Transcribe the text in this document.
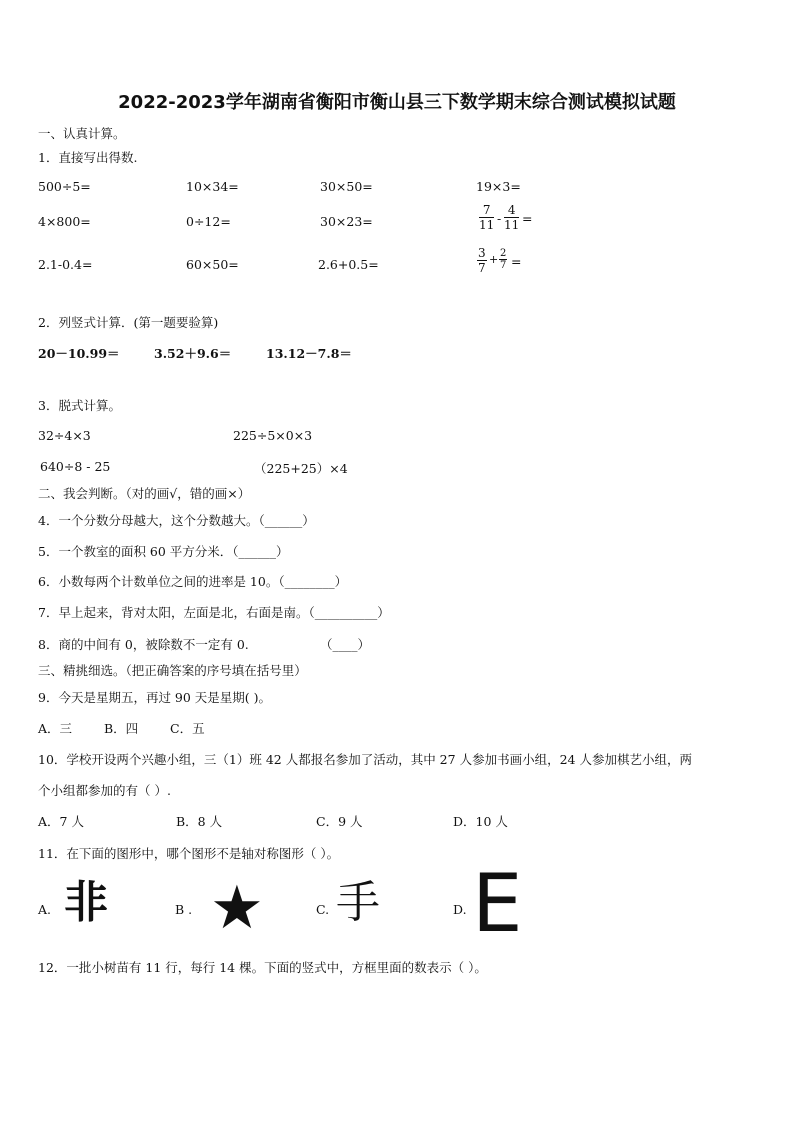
2022-2023学年湖南省衡阳市衡山县三下数学期末综合测试模拟试题
一、认真计算。
1．直接写出得数.
500÷5=	10×34=	30×50=	19×3=
4×800=	0÷12=	30×23=	$\frac{7}{11} - \frac{4}{11}$ =
2.1-0.4=	60×50=	2.6+0.5=	$\frac{3}{7} + \frac{2}{7}$ =
2．列竖式计算．(第一题要验算)
20－10.99＝	3.52＋9.6＝	13.12－7.8＝
3．脱式计算。
32÷4×3	225÷5×0×3
640÷8 - 25	（225+25）×4
二、我会判断。（对的画√，错的画×）
4．一个分数分母越大，这个分数越大。（______）
5．一个教室的面积 60 平方分米．（______）
6．小数每两个计数单位之间的进率是 10。（________）
7．早上起来，背对太阳，左面是北，右面是南。（__________）
8．商的中间有 0，被除数不一定有 0.	（____）
三、精挑细选。（把正确答案的序号填在括号里）
9．今天是星期五，再过 90 天是星期( )。
A．三	B．四	C．五
10．学校开设两个兴趣小组，三（1）班 42 人都报名参加了活动，其中 27 人参加书画小组，24 人参加棋艺小组，两
个小组都参加的有（ ）.
A．7 人	B．8 人	C．9 人	D．10 人
11．在下面的图形中，哪个图形不是轴对称图形（ ）。
A. 非	B . ★	C. 手	D. E
12．一批小树苗有 11 行，每行 14 棵。下面的竖式中，方框里面的数表示（ ）。
